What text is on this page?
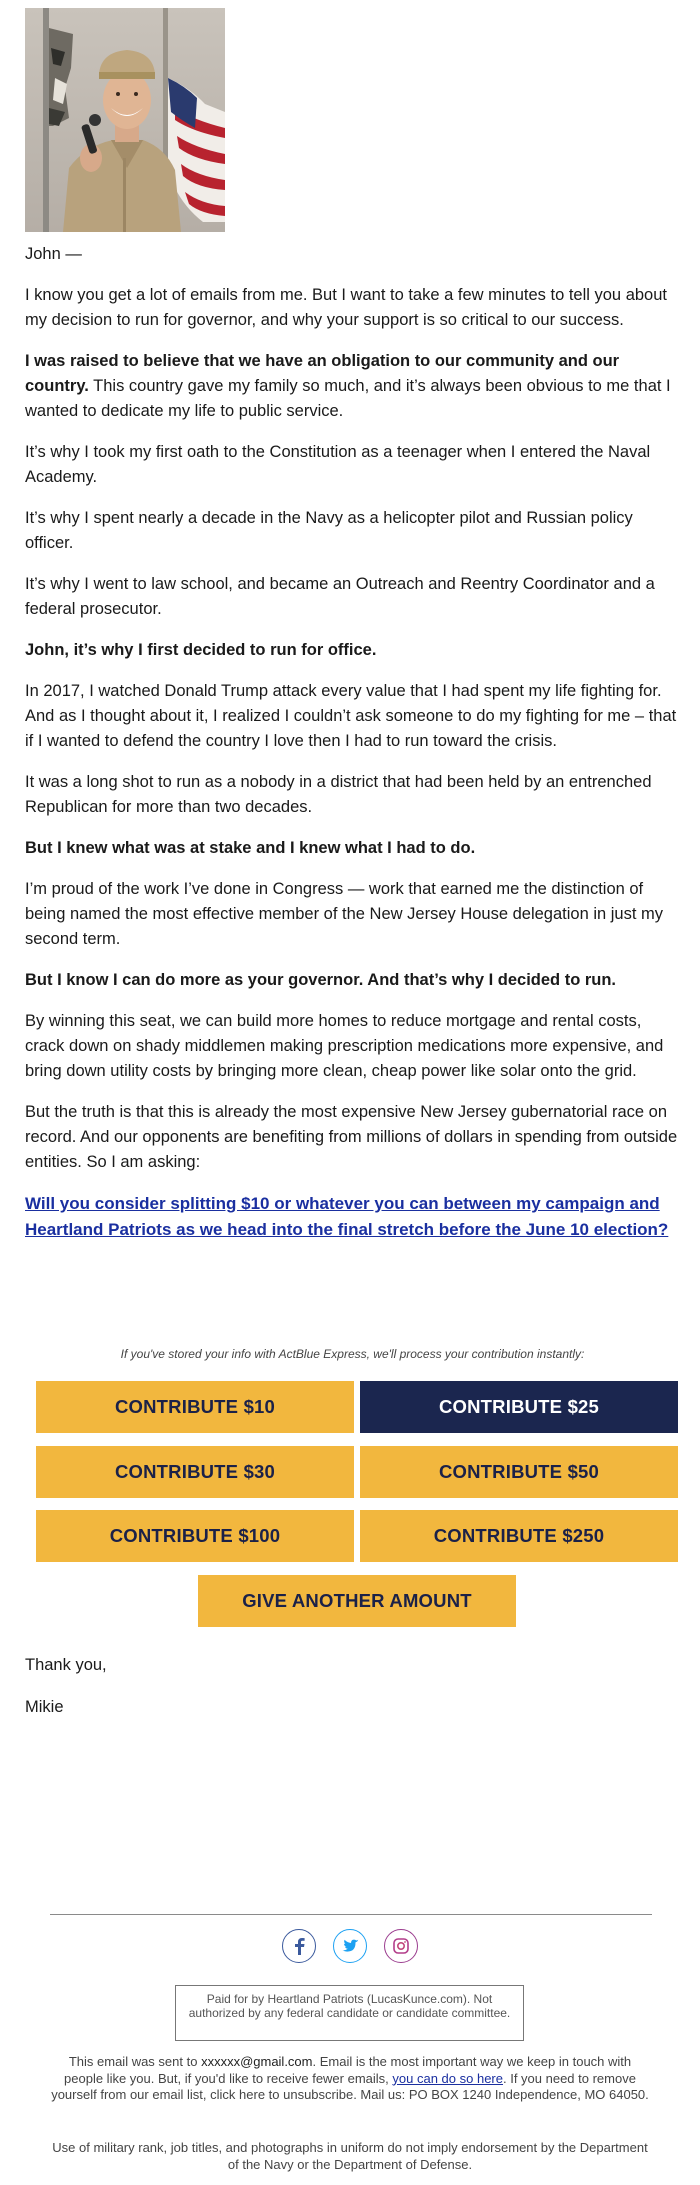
John —

I know you get a lot of emails from me. But I want to take a few minutes to tell you about my decision to run for governor, and why your support is so critical to our success.

I was raised to believe that we have an obligation to our community and our country. This country gave my family so much, and it’s always been obvious to me that I wanted to dedicate my life to public service.

It’s why I took my first oath to the Constitution as a teenager when I entered the Naval Academy.

It’s why I spent nearly a decade in the Navy as a helicopter pilot and Russian policy officer.

It’s why I went to law school, and became an Outreach and Reentry Coordinator and a federal prosecutor.

John, it’s why I first decided to run for office.

In 2017, I watched Donald Trump attack every value that I had spent my life fighting for. And as I thought about it, I realized I couldn’t ask someone to do my fighting for me – that if I wanted to defend the country I love then I had to run toward the crisis.

It was a long shot to run as a nobody in a district that had been held by an entrenched Republican for more than two decades.

But I knew what was at stake and I knew what I had to do.

I’m proud of the work I’ve done in Congress — work that earned me the distinction of being named the most effective member of the New Jersey House delegation in just my second term.

But I know I can do more as your governor. And that’s why I decided to run.

By winning this seat, we can build more homes to reduce mortgage and rental costs, crack down on shady middlemen making prescription medications more expensive, and bring down utility costs by bringing more clean, cheap power like solar onto the grid.

But the truth is that this is already the most expensive New Jersey gubernatorial race on record. And our opponents are benefiting from millions of dollars in spending from outside entities. So I am asking:

Will you consider splitting $10 or whatever you can between my campaign and Heartland Patriots as we head into the final stretch before the June 10 election?

If you've stored your info with ActBlue Express, we'll process your contribution instantly:
CONTRIBUTE $10	CONTRIBUTE $25
CONTRIBUTE $30	CONTRIBUTE $50
CONTRIBUTE $100	CONTRIBUTE $250
GIVE ANOTHER AMOUNT
Thank you,
Mikie
Paid for by Heartland Patriots (LucasKunce.com). Not authorized by any federal candidate or candidate committee.
This email was sent to xxxxxx@gmail.com. Email is the most important way we keep in touch with people like you. But, if you'd like to receive fewer emails, you can do so here. If you need to remove yourself from our email list, click here to unsubscribe. Mail us: PO BOX 1240 Independence, MO 64050.
Use of military rank, job titles, and photographs in uniform do not imply endorsement by the Department of the Navy or the Department of Defense.
